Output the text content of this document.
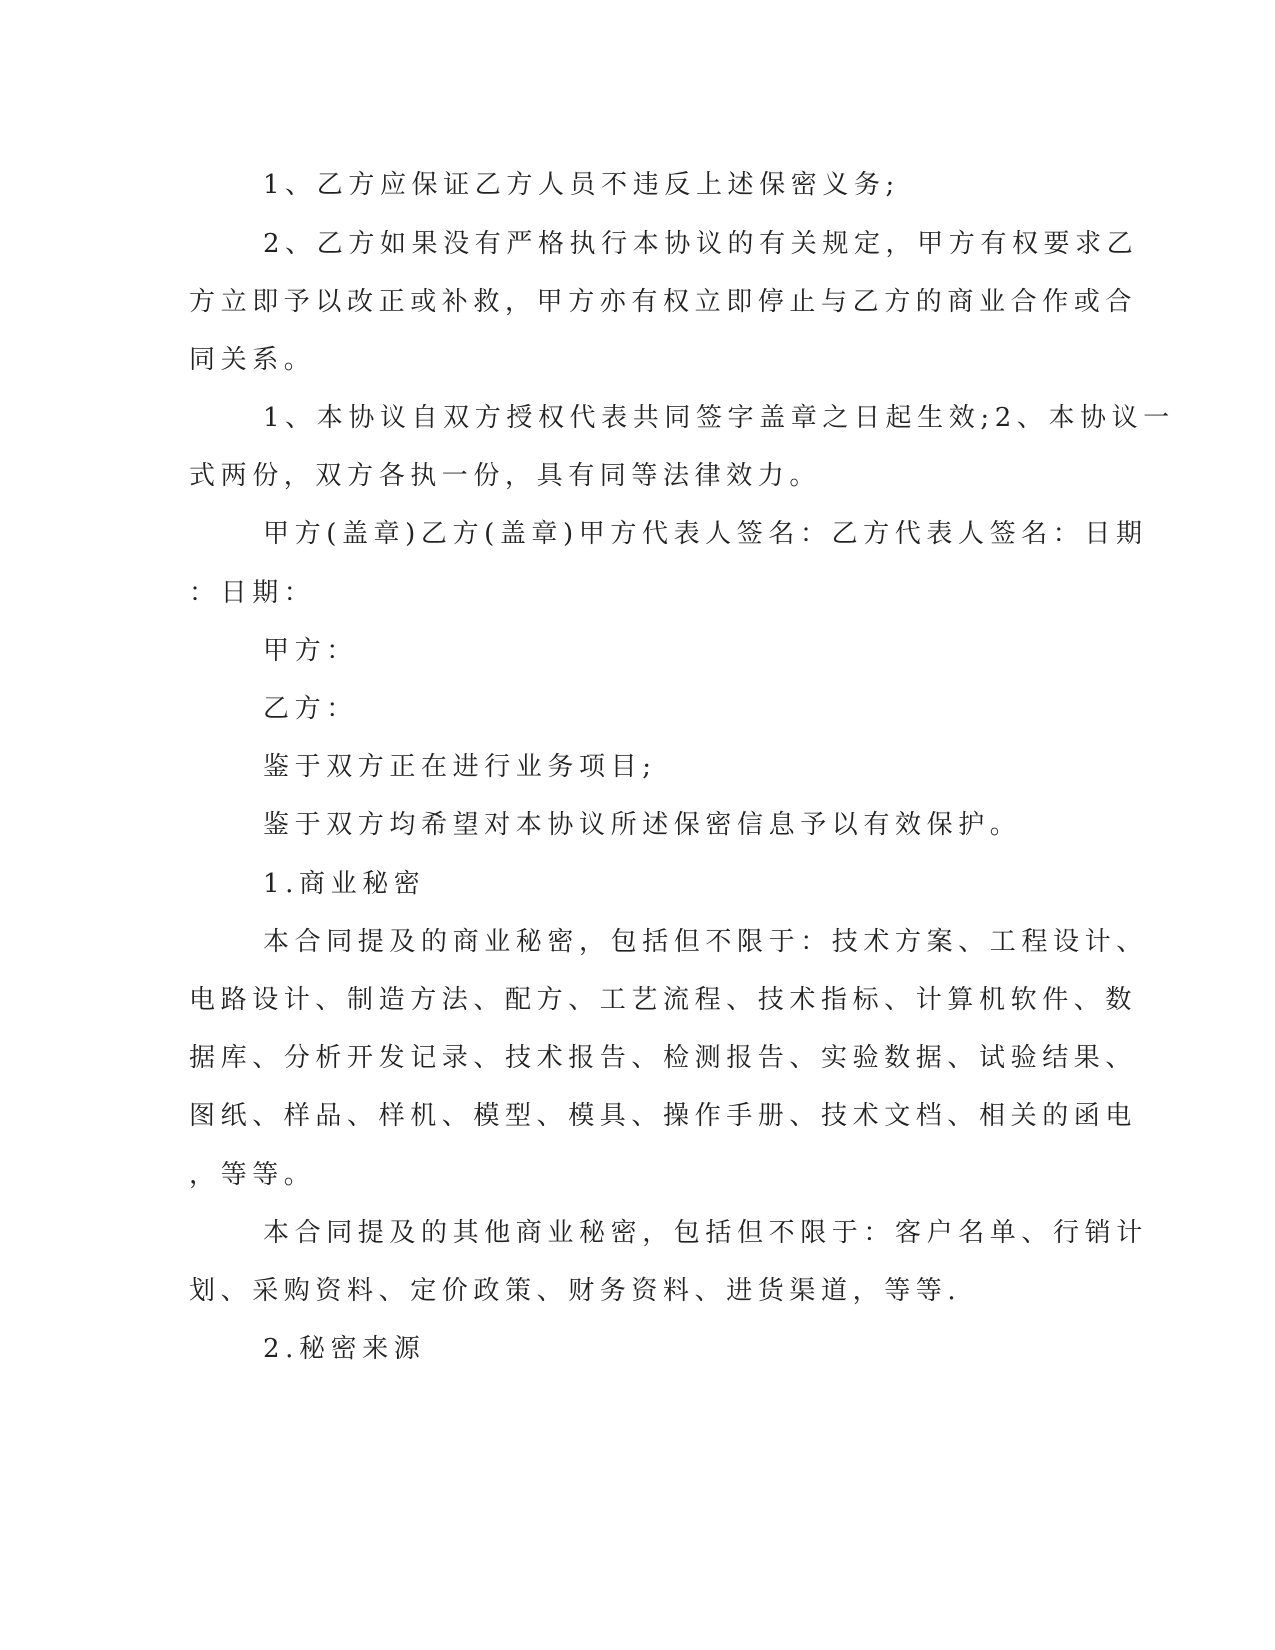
1、乙方应保证乙方人员不违反上述保密义务;
2、乙方如果没有严格执行本协议的有关规定，甲方有权要求乙
方立即予以改正或补救，甲方亦有权立即停止与乙方的商业合作或合
同关系。
1、本协议自双方授权代表共同签字盖章之日起生效;2、本协议一
式两份，双方各执一份，具有同等法律效力。
甲方(盖章)乙方(盖章)甲方代表人签名：乙方代表人签名：日期
：日期：
甲方：
乙方：
鉴于双方正在进行业务项目;
鉴于双方均希望对本协议所述保密信息予以有效保护。
1.商业秘密
本合同提及的商业秘密，包括但不限于：技术方案、工程设计、
电路设计、制造方法、配方、工艺流程、技术指标、计算机软件、数
据库、分析开发记录、技术报告、检测报告、实验数据、试验结果、
图纸、样品、样机、模型、模具、操作手册、技术文档、相关的函电
，等等。
本合同提及的其他商业秘密，包括但不限于：客户名单、行销计
划、采购资料、定价政策、财务资料、进货渠道，等等.
2.秘密来源
